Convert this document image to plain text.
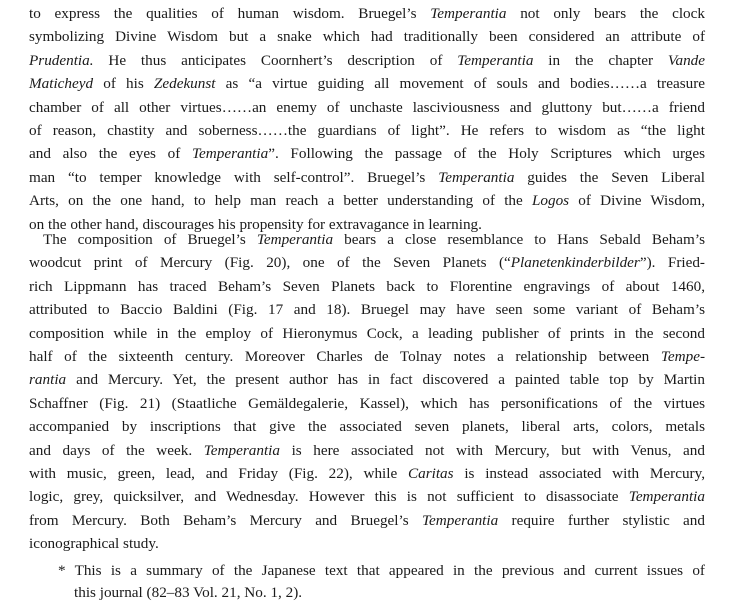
to express the qualities of human wisdom. Bruegel’s Temperantia not only bears the clock
symbolizing Divine Wisdom but a snake which had traditionally been considered an attribute of
Prudentia. He thus anticipates Coornhert’s description of Temperantia in the chapter Vande
Maticheyd of his Zedekunst as “a virtue guiding all movement of souls and bodies……a treasure
chamber of all other virtues……an enemy of unchaste lasciviousness and gluttony but……a friend
of reason, chastity and soberness……the guardians of light”. He refers to wisdom as “the light
and also the eyes of Temperantia”. Following the passage of the Holy Scriptures which urges
man “to temper knowledge with self-control”. Bruegel’s Temperantia guides the Seven Liberal
Arts, on the one hand, to help man reach a better understanding of the Logos of Divine Wisdom,
on the other hand, discourages his propensity for extravagance in learning.
The composition of Bruegel’s Temperantia bears a close resemblance to Hans Sebald Beham’s
woodcut print of Mercury (Fig. 20), one of the Seven Planets (“Planetenkinderbilder”). Fried-
rich Lippmann has traced Beham’s Seven Planets back to Florentine engravings of about 1460,
attributed to Baccio Baldini (Fig. 17 and 18). Bruegel may have seen some variant of Beham’s
composition while in the employ of Hieronymus Cock, a leading publisher of prints in the second
half of the sixteenth century. Moreover Charles de Tolnay notes a relationship between Tempe-
rantia and Mercury. Yet, the present author has in fact discovered a painted table top by Martin
Schaffner (Fig. 21) (Staatliche Gemäldegalerie, Kassel), which has personifications of the virtues
accompanied by inscriptions that give the associated seven planets, liberal arts, colors, metals
and days of the week. Temperantia is here associated not with Mercury, but with Venus, and
with music, green, lead, and Friday (Fig. 22), while Caritas is instead associated with Mercury,
logic, grey, quicksilver, and Wednesday. However this is not sufficient to disassociate Temperantia
from Mercury. Both Beham’s Mercury and Bruegel’s Temperantia require further stylistic and
iconographical study.
* This is a summary of the Japanese text that appeared in the previous and current issues of
this journal (82–83 Vol. 21, No. 1, 2).
